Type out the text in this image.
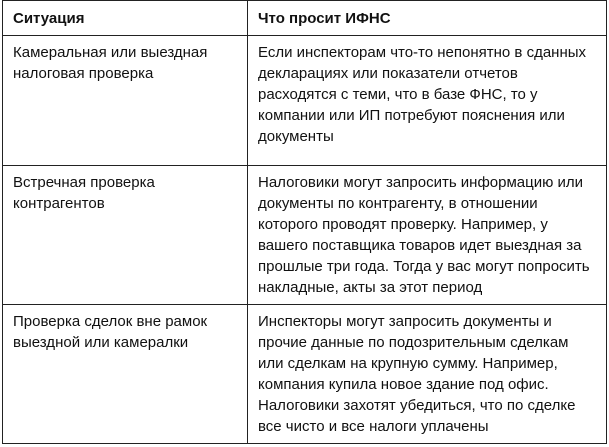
Ситуация	Что просит ИФНС
Камеральная или выездная налоговая проверка	Если инспекторам что-то непонятно в сданных декларациях или показатели отчетов расходятся с теми, что в базе ФНС, то у компании или ИП потребуют пояснения или документы
Встречная проверка контрагентов	Налоговики могут запросить информацию или документы по контрагенту, в отношении которого проводят проверку. Например, у вашего поставщика товаров идет выездная за прошлые три года. Тогда у вас могут попросить накладные, акты за этот период
Проверка сделок вне рамок выездной или камералки	Инспекторы могут запросить документы и прочие данные по подозрительным сделкам или сделкам на крупную сумму. Например, компания купила новое здание под офис. Налоговики захотят убедиться, что по сделке все чисто и все налоги уплачены
